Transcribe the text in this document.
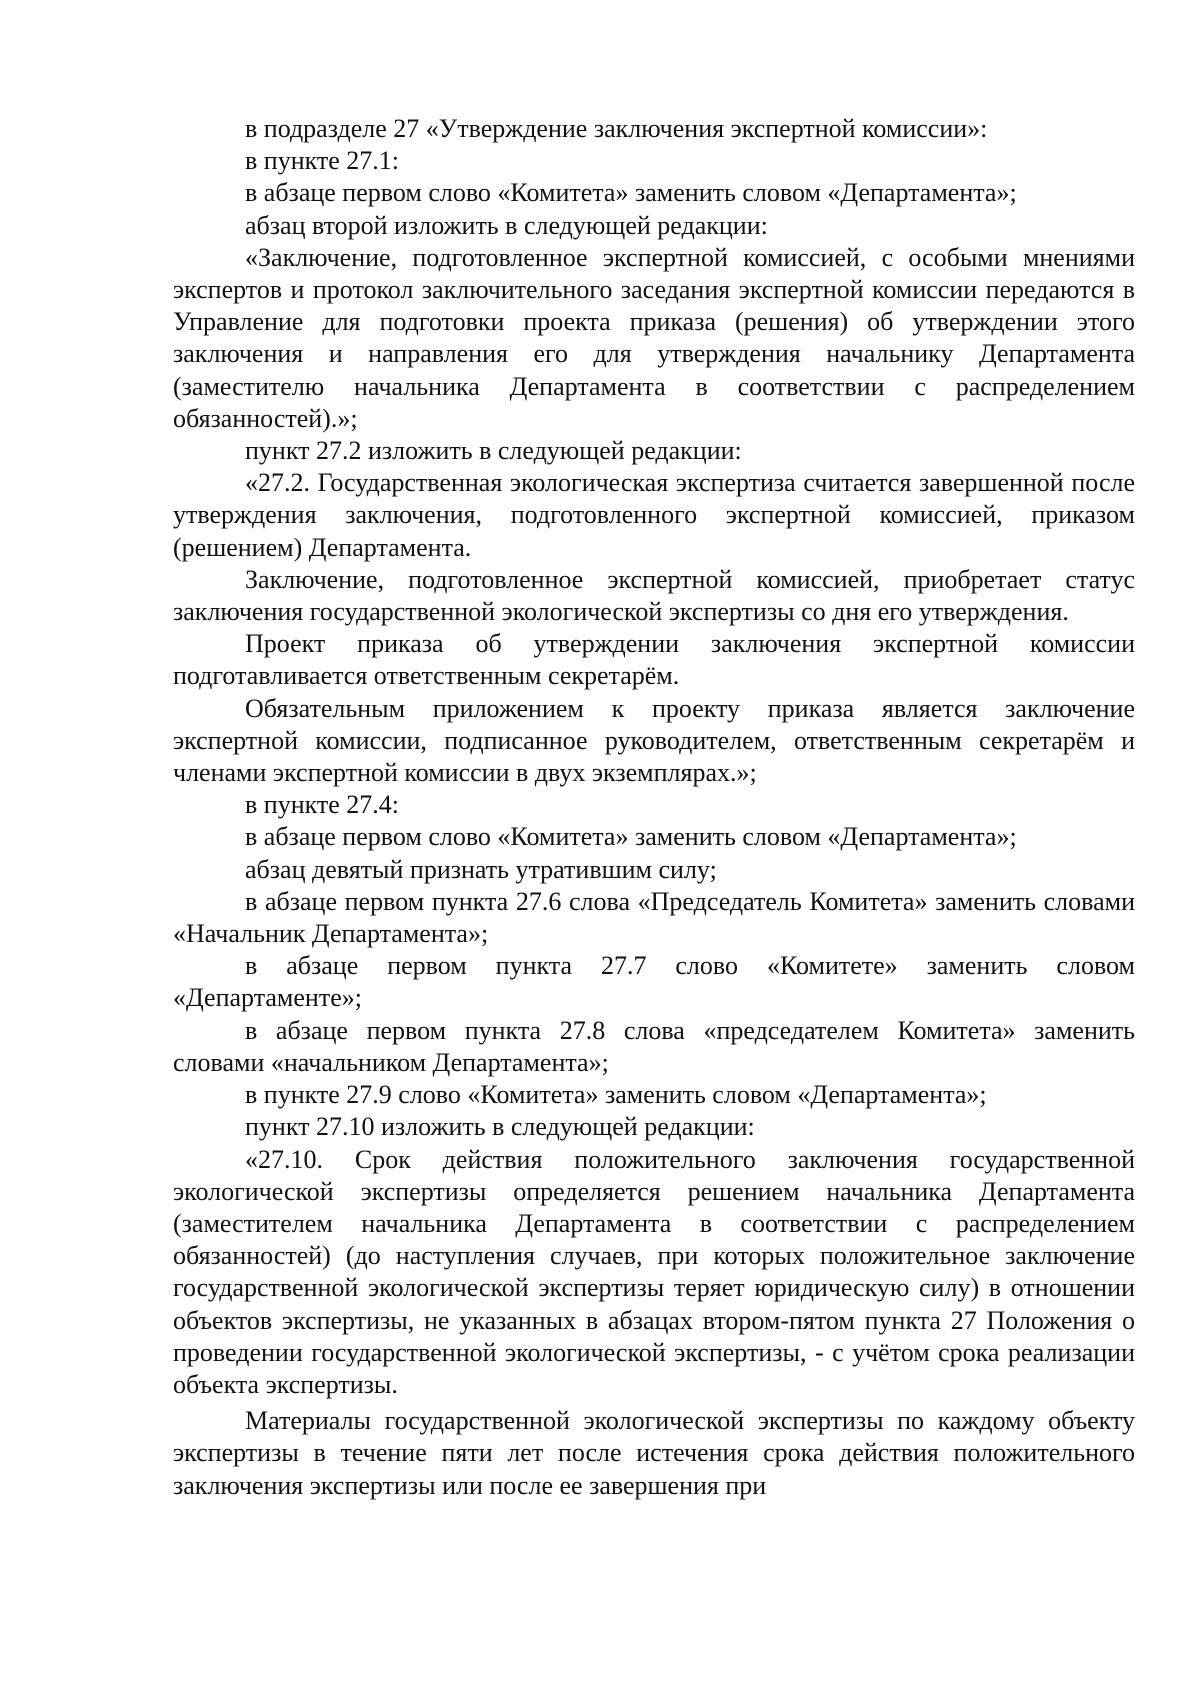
в подразделе 27 «Утверждение заключения экспертной комиссии»:

в пункте 27.1:

в абзаце первом слово «Комитета» заменить словом «Департамента»;

абзац второй изложить в следующей редакции:

«Заключение, подготовленное экспертной комиссией, с особыми мнениями экспертов и протокол заключительного заседания экспертной комиссии передаются в Управление для подготовки проекта приказа (решения) об утверждении этого заключения и направления его для утверждения начальнику Департамента (заместителю начальника Департамента в соответствии с распределением обязанностей).»;

пункт 27.2 изложить в следующей редакции:

«27.2. Государственная экологическая экспертиза считается завершенной после утверждения заключения, подготовленного экспертной комиссией, приказом (решением) Департамента.

Заключение, подготовленное экспертной комиссией, приобретает статус заключения государственной экологической экспертизы со дня его утверждения.

Проект приказа об утверждении заключения экспертной комиссии подготавливается ответственным секретарём.

Обязательным приложением к проекту приказа является заключение экспертной комиссии, подписанное руководителем, ответственным секретарём и членами экспертной комиссии в двух экземплярах.»;

в пункте 27.4:

в абзаце первом слово «Комитета» заменить словом «Департамента»;

абзац девятый признать утратившим силу;

в абзаце первом пункта 27.6 слова «Председатель Комитета» заменить словами «Начальник Департамента»;

в абзаце первом пункта 27.7 слово «Комитете» заменить словом «Департаменте»;

в абзаце первом пункта 27.8 слова «председателем Комитета» заменить словами «начальником Департамента»;

в пункте 27.9 слово «Комитета» заменить словом «Департамента»;

пункт 27.10 изложить в следующей редакции:

«27.10. Срок действия положительного заключения государственной экологической экспертизы определяется решением начальника Департамента (заместителем начальника Департамента в соответствии с распределением обязанностей) (до наступления случаев, при которых положительное заключение государственной экологической экспертизы теряет юридическую силу) в отношении объектов экспертизы, не указанных в абзацах втором-пятом пункта 27 Положения о проведении государственной экологической экспертизы, - с учётом срока реализации объекта экспертизы.

Материалы государственной экологической экспертизы по каждому объекту экспертизы в течение пяти лет после истечения срока действия положительного заключения экспертизы или после ее завершения при
